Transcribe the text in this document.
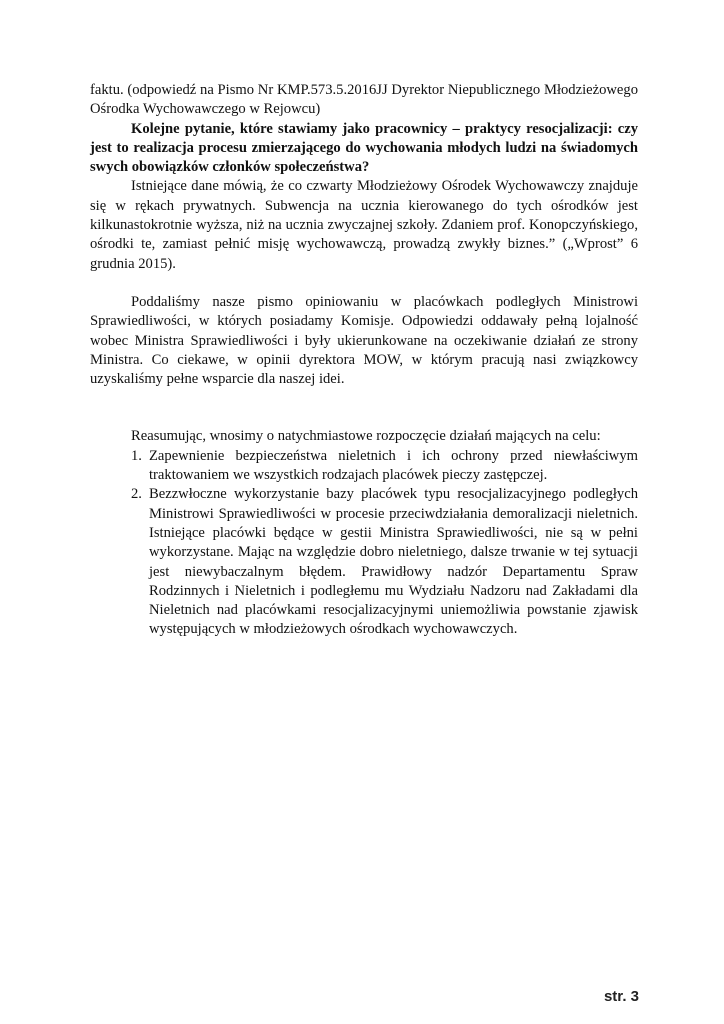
faktu. (odpowiedź na Pismo Nr KMP.573.5.2016JJ Dyrektor Niepublicznego Młodzieżowego Ośrodka Wychowawczego w Rejowcu)

Kolejne pytanie, które stawiamy jako pracownicy – praktycy resocjalizacji: czy jest to realizacja procesu zmierzającego do wychowania młodych ludzi na świadomych swych obowiązków członków społeczeństwa?

Istniejące dane mówią, że co czwarty Młodzieżowy Ośrodek Wychowawczy znajduje się w rękach prywatnych. Subwencja na ucznia kierowanego do tych ośrodków jest kilkunastokrotnie wyższa, niż na ucznia zwyczajnej szkoły. Zdaniem prof. Konopczyńskiego, ośrodki te, zamiast pełnić misję wychowawczą, prowadzą zwykły biznes.” („Wprost” 6 grudnia 2015).

Poddaliśmy nasze pismo opiniowaniu w placówkach podległych Ministrowi Sprawiedliwości, w których posiadamy Komisje. Odpowiedzi oddawały pełną lojalność wobec Ministra Sprawiedliwości i były ukierunkowane na oczekiwanie działań ze strony Ministra. Co ciekawe, w opinii dyrektora MOW, w którym pracują nasi związkowcy uzyskaliśmy pełne wsparcie dla naszej idei.

Reasumując, wnosimy o natychmiastowe rozpoczęcie działań mających na celu:

1. Zapewnienie bezpieczeństwa nieletnich i ich ochrony przed niewłaściwym traktowaniem we wszystkich rodzajach placówek pieczy zastępczej.
2. Bezzwłoczne wykorzystanie bazy placówek typu resocjalizacyjnego podległych Ministrowi Sprawiedliwości w procesie przeciwdziałania demoralizacji nieletnich. Istniejące placówki będące w gestii Ministra Sprawiedliwości, nie są w pełni wykorzystane. Mając na względzie dobro nieletniego, dalsze trwanie w tej sytuacji jest niewybaczalnym błędem. Prawidłowy nadzór Departamentu Spraw Rodzinnych i Nieletnich i podległemu mu Wydziału Nadzoru nad Zakładami dla Nieletnich nad placówkami resocjalizacyjnymi uniemożliwia powstanie zjawisk występujących w młodzieżowych ośrodkach wychowawczych.
str. 3
